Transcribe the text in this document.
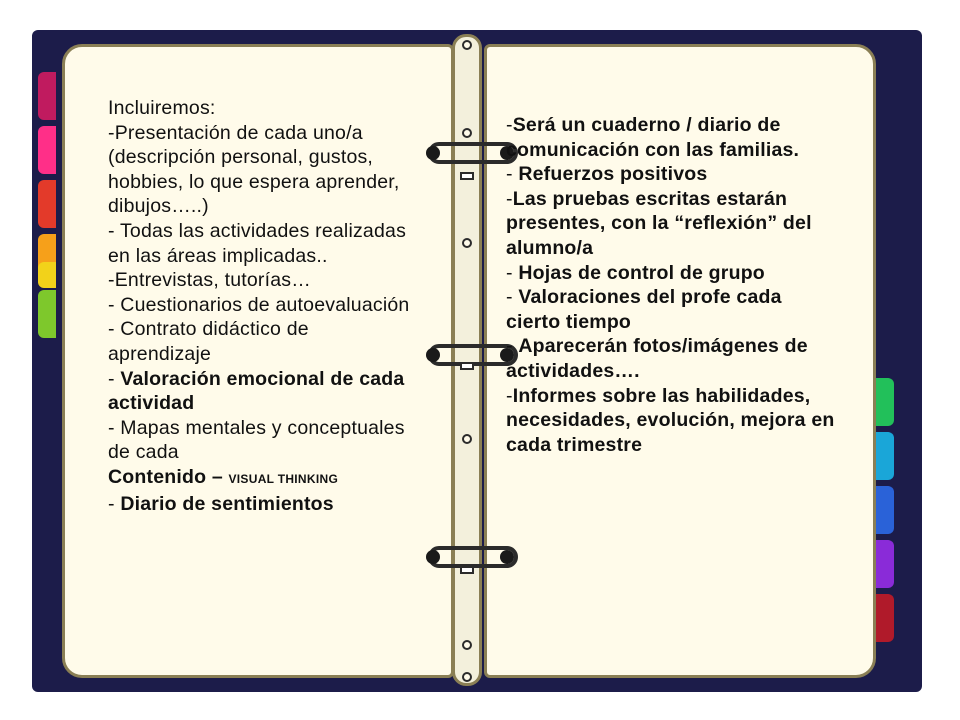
Incluiremos:

-Presentación de cada uno/a (descripción personal, gustos, hobbies, lo que espera aprender, dibujos…..)

- Todas las actividades realizadas en las áreas implicadas..

-Entrevistas, tutorías…

- Cuestionarios de autoevaluación

- Contrato didáctico de aprendizaje

- Valoración emocional de cada actividad

- Mapas mentales y conceptuales de cada

Contenido – VISUAL THINKING

- Diario de sentimientos

-Será un cuaderno / diario de comunicación con las familias.

- Refuerzos positivos

-Las pruebas escritas estarán presentes, con la “reflexión” del alumno/a

- Hojas de control de grupo

- Valoraciones del profe cada cierto tiempo

- Aparecerán fotos/imágenes de actividades….

-Informes sobre las habilidades, necesidades, evolución, mejora en cada trimestre
